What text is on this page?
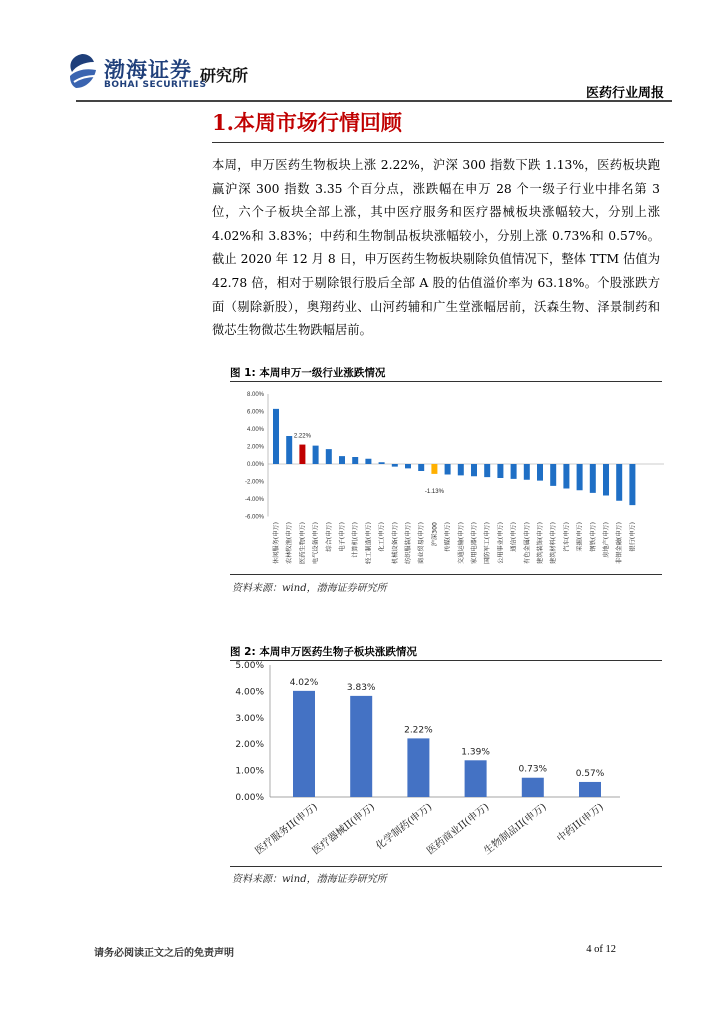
渤海证券
BOHAI SECURITIES
研究所
医药行业周报
1.本周市场行情回顾
本周，申万医药生物板块上涨 2.22%，沪深 300 指数下跌 1.13%，医药板块跑赢沪深 300 指数 3.35 个百分点，涨跌幅在申万 28 个一级子行业中排名第 3 位，六个子板块全部上涨，其中医疗服务和医疗器械板块涨幅较大，分别上涨 4.02%和 3.83%；中药和生物制品板块涨幅较小，分别上涨 0.73%和 0.57%。截止 2020 年 12 月 8 日，申万医药生物板块剔除负值情况下，整体 TTM 估值为 42.78 倍，相对于剔除银行股后全部 A 股的估值溢价率为 63.18%。个股涨跌方面（剔除新股），奥翔药业、山河药辅和广生堂涨幅居前，沃森生物、泽景制药和微芯生物微芯生物跌幅居前。
图 1: 本周申万一级行业涨跌情况
资料来源：wind，渤海证券研究所
图 2: 本周申万医药生物子板块涨跌情况
资料来源：wind，渤海证券研究所
8.00%
6.00%
4.00%
2.00%
0.00%
-2.00%
-4.00%
-6.00%
休闲服务(申万) 农林牧渔(申万) 医药生物(申万) 电气设备(申万) 综合(申万) 电子(申万) 计算机(申万) 轻工制造(申万) 化工(申万) 机械设备(申万) 纺织服装(申万) 商业贸易(申万) 沪深300 传媒(申万) 交通运输(申万) 家用电器(申万) 国防军工(申万) 公用事业(申万) 通信(申万) 有色金属(申万) 建筑装饰(申万) 建筑材料(申万) 汽车(申万) 采掘(申万) 钢铁(申万) 房地产(申万) 非银金融(申万) 银行(申万)
2.22%
-1.13%
5.00%
4.00%
3.00%
2.00%
1.00%
0.00%
4.02%
医疗服务II(申万)
3.83%
医疗器械II(申万)
2.22%
化学制药(申万)
1.39%
医药商业II(申万)
0.73%
生物制品II(申万)
0.57%
中药II(申万)
请务必阅读正文之后的免责声明	4 of 12
